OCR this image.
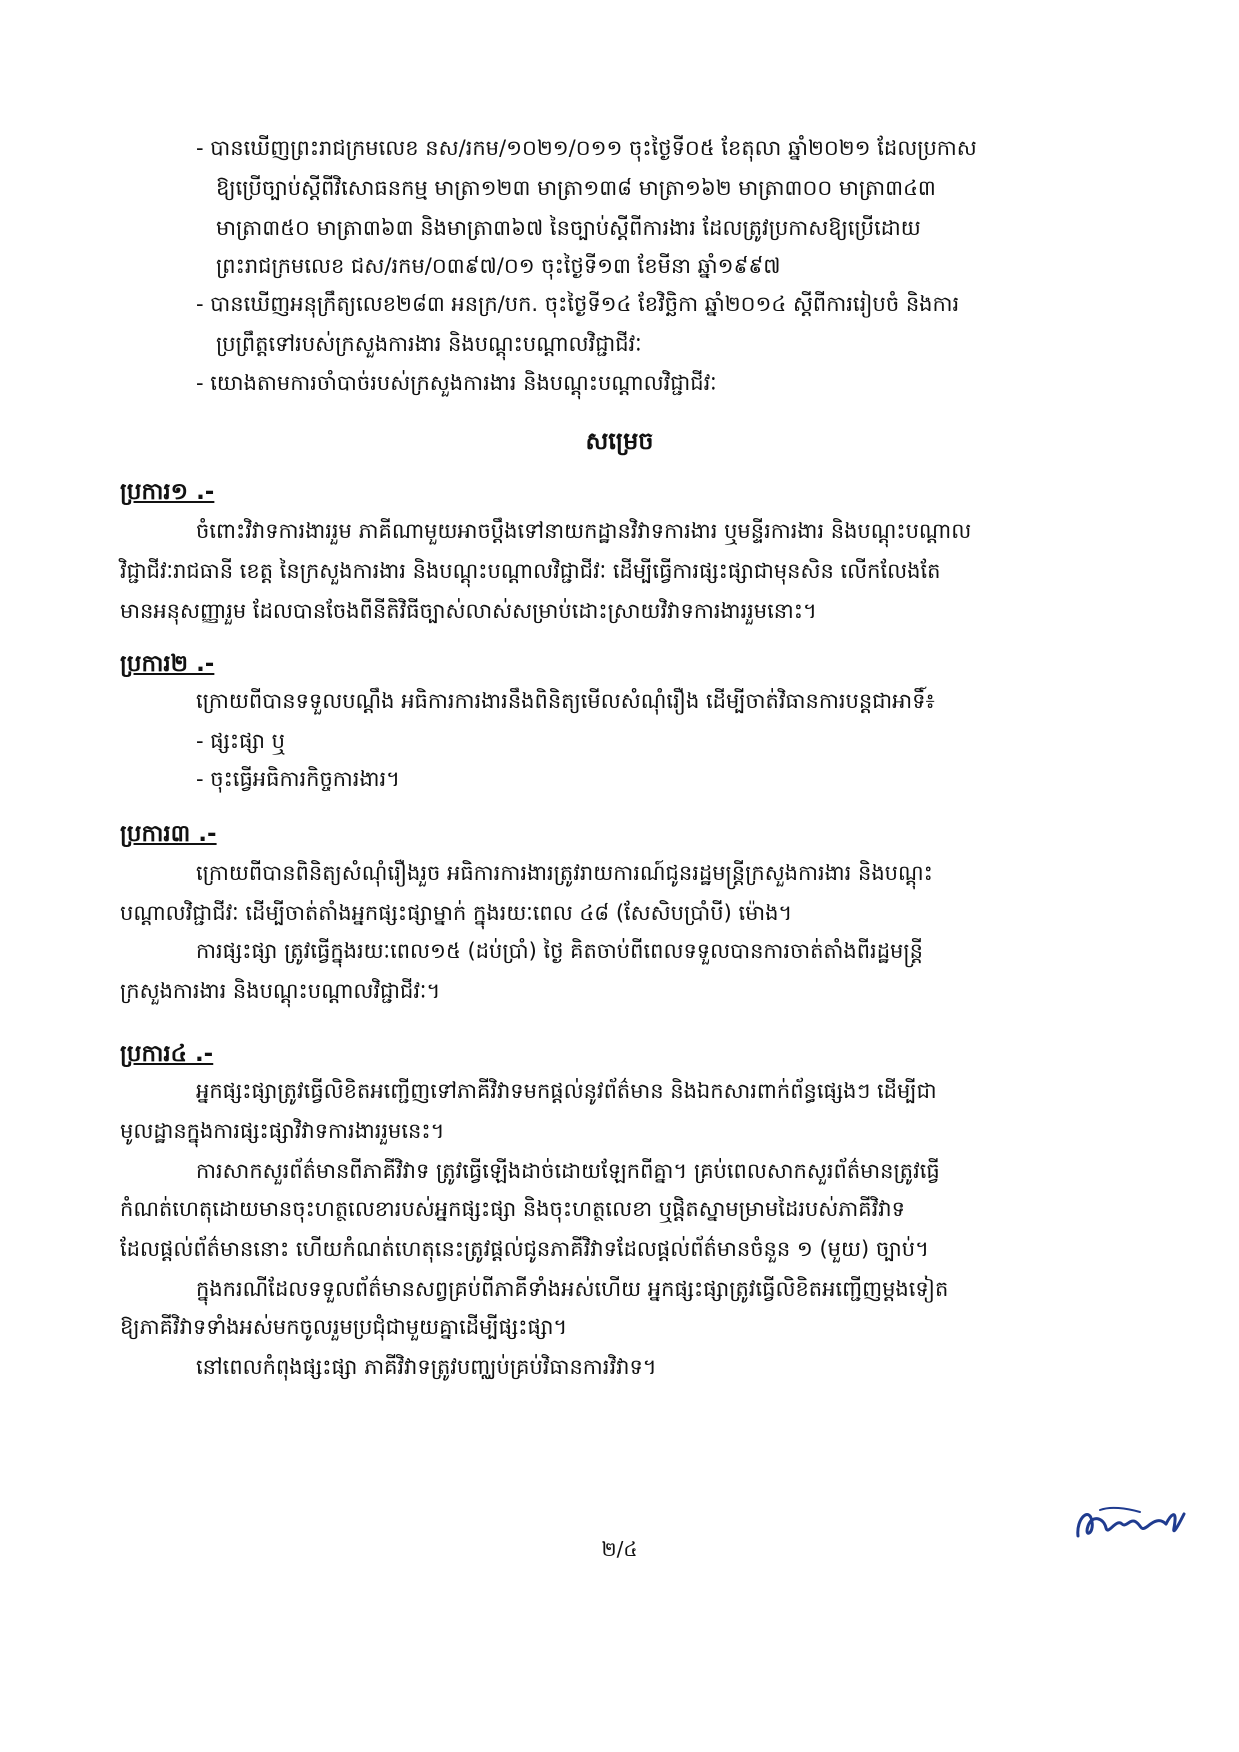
- បានឃើញព្រះរាជក្រមលេខ នស/រកម/១០២១/០១១ ចុះថ្ងៃទី០៥ ខែតុលា ឆ្នាំ២០២១ ដែលប្រកាស
ឱ្យប្រើច្បាប់ស្តីពីវិសោធនកម្ម មាត្រា១២៣ មាត្រា១៣៨ មាត្រា១៦២ មាត្រា៣០០ មាត្រា៣៤៣
មាត្រា៣៥០ មាត្រា៣៦៣ និងមាត្រា៣៦៧ នៃច្បាប់ស្តីពីការងារ ដែលត្រូវប្រកាសឱ្យប្រើដោយ
ព្រះរាជក្រមលេខ ជស/រកម/០៣៩៧/០១ ចុះថ្ងៃទី១៣ ខែមីនា ឆ្នាំ១៩៩៧
- បានឃើញអនុក្រឹត្យលេខ២៨៣ អនក្រ/បក. ចុះថ្ងៃទី១៤ ខែវិច្ឆិកា ឆ្នាំ២០១៤ ស្តីពីការរៀបចំ និងការ
ប្រព្រឹត្តទៅរបស់ក្រសួងការងារ និងបណ្តុះបណ្តាលវិជ្ជាជីវៈ
- យោងតាមការចាំបាច់របស់ក្រសួងការងារ និងបណ្តុះបណ្តាលវិជ្ជាជីវៈ
សម្រេច
ប្រការ១ .-
ចំពោះវិវាទការងាររួម ភាគីណាមួយអាចប្តឹងទៅនាយកដ្ឋានវិវាទការងារ ឬមន្ទីរការងារ និងបណ្តុះបណ្តាល
វិជ្ជាជីវៈរាជធានី ខេត្ត នៃក្រសួងការងារ និងបណ្តុះបណ្តាលវិជ្ជាជីវៈ ដើម្បីធ្វើការផ្សះផ្សាជាមុនសិន លើកលែងតែ
មានអនុសញ្ញារួម ដែលបានចែងពីនីតិវិធីច្បាស់លាស់សម្រាប់ដោះស្រាយវិវាទការងាររួមនោះ។
ប្រការ២ .-
ក្រោយពីបានទទួលបណ្តឹង អធិការការងារនឹងពិនិត្យមើលសំណុំរឿង ដើម្បីចាត់វិធានការបន្តជាអាទិ៍៖
- ផ្សះផ្សា ឬ
- ចុះធ្វើអធិការកិច្ចការងារ។
ប្រការ៣ .-
ក្រោយពីបានពិនិត្យសំណុំរឿងរួច អធិការការងារត្រូវរាយការណ៍ជូនរដ្ឋមន្ត្រីក្រសួងការងារ និងបណ្តុះ
បណ្តាលវិជ្ជាជីវៈ ដើម្បីចាត់តាំងអ្នកផ្សះផ្សាម្នាក់ ក្នុងរយៈពេល ៤៨ (សែសិបប្រាំបី) ម៉ោង។
ការផ្សះផ្សា ត្រូវធ្វើក្នុងរយៈពេល១៥ (ដប់ប្រាំ) ថ្ងៃ គិតចាប់ពីពេលទទួលបានការចាត់តាំងពីរដ្ឋមន្ត្រី
ក្រសួងការងារ និងបណ្តុះបណ្តាលវិជ្ជាជីវៈ។
ប្រការ៤ .-
អ្នកផ្សះផ្សាត្រូវធ្វើលិខិតអញ្ជើញទៅភាគីវិវាទមកផ្តល់នូវព័ត៌មាន និងឯកសារពាក់ព័ន្ធផ្សេងៗ ដើម្បីជា
មូលដ្ឋានក្នុងការផ្សះផ្សាវិវាទការងាររួមនេះ។
ការសាកសួរព័ត៌មានពីភាគីវិវាទ ត្រូវធ្វើឡើងដាច់ដោយឡែកពីគ្នា។ គ្រប់ពេលសាកសួរព័ត៌មានត្រូវធ្វើ
កំណត់ហេតុដោយមានចុះហត្ថលេខារបស់អ្នកផ្សះផ្សា និងចុះហត្ថលេខា ឬផ្តិតស្នាមម្រាមដៃរបស់ភាគីវិវាទ
ដែលផ្តល់ព័ត៌មាននោះ ហើយកំណត់ហេតុនេះត្រូវផ្តល់ជូនភាគីវិវាទដែលផ្តល់ព័ត៌មានចំនួន ១ (មួយ) ច្បាប់។
ក្នុងករណីដែលទទួលព័ត៌មានសព្វគ្រប់ពីភាគីទាំងអស់ហើយ អ្នកផ្សះផ្សាត្រូវធ្វើលិខិតអញ្ជើញម្តងទៀត
ឱ្យភាគីវិវាទទាំងអស់មកចូលរួមប្រជុំជាមួយគ្នាដើម្បីផ្សះផ្សា។
នៅពេលកំពុងផ្សះផ្សា ភាគីវិវាទត្រូវបញ្ឈប់គ្រប់វិធានការវិវាទ។
២/៤
